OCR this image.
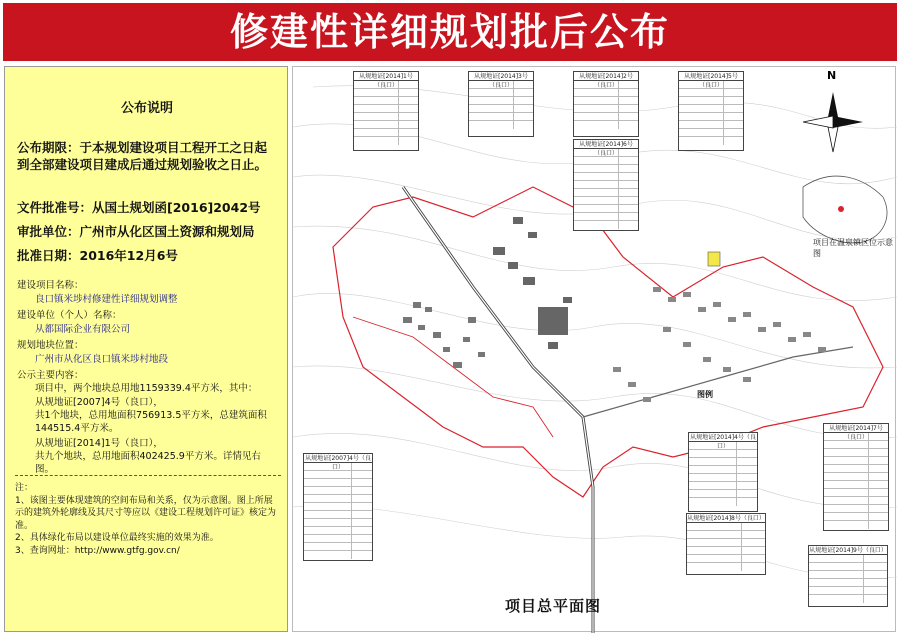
修建性详细规划批后公布
公布说明
公布期限：于本规划建设项目工程开工之日起到全部建设项目建成后通过规划验收之日止。
文件批准号：从国土规划函[2016]2042号
审批单位：广州市从化区国土资源和规划局
批准日期：2016年12月6号
建设项目名称：
良口镇米埗村修建性详细规划调整
建设单位（个人）名称：
从都国际企业有限公司
规划地块位置：
广州市从化区良口镇米埗村地段
公示主要内容：
项目中，两个地块总用地1159339.4平方米，其中：
从规地证[2007]4号（良口），
共1个地块，总用地面积756913.5平方米，总建筑面积144515.4平方米。
从规地证[2014]1号（良口），
共九个地块，总用地面积402425.9平方米。详情见右图。
注：
1、该图主要体现建筑的空间布局和关系，仅为示意图。图上所展示的建筑外轮廓线及其尺寸等应以《建设工程规划许可证》核定为准。
2、具体绿化布局以建设单位最终实施的效果为准。
3、查询网址：http://www.gtfg.gov.cn/
从规地证[2014]1号（良口）
从规地证[2014]3号（良口）
从规地证[2014]2号（良口）
从规地证[2014]5号（良口）
从规地证[2014]6号（良口）
从规地证[2007]4号（良口）
从规地证[2014]4号（良口）
从规地证[2014]7号（良口）
从规地证[2014]8号（良口）
从规地证[2014]9号（良口）
项目在温泉镇区位示意图
图例
N
项目总平面图
